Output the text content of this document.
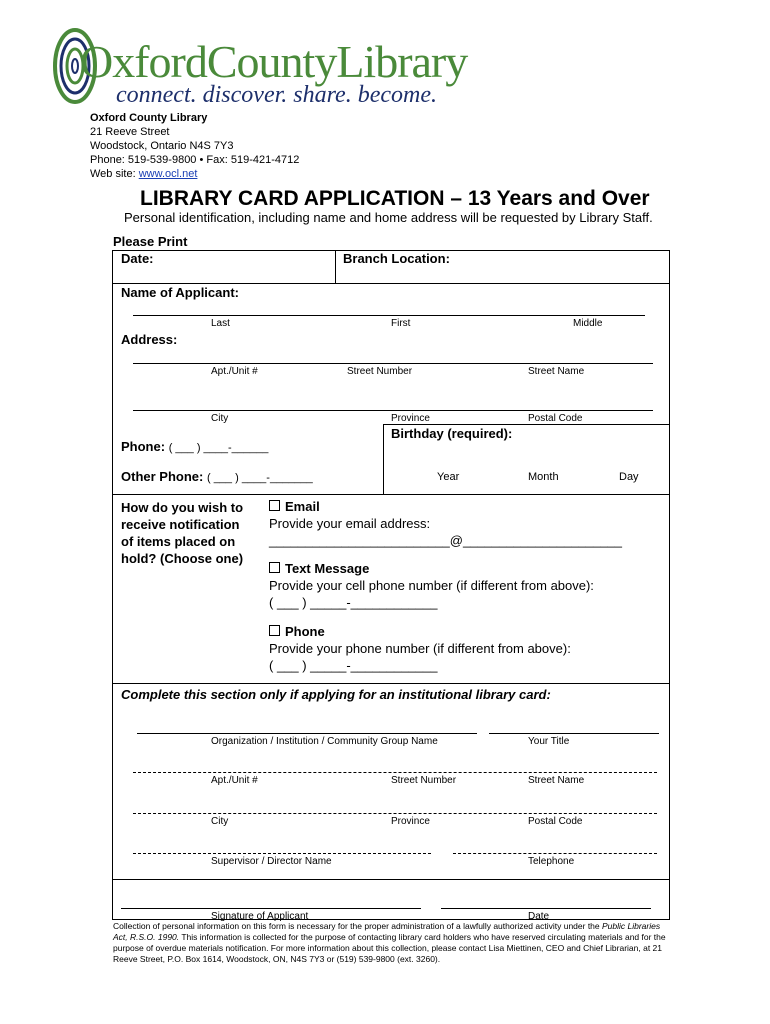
OxfordCountyLibrary
connect. discover. share. become.
Oxford County Library
21 Reeve Street
Woodstock, Ontario N4S 7Y3
Phone: 519-539-9800 • Fax: 519-421-4712
Web site: www.ocl.net
LIBRARY CARD APPLICATION – 13 Years and Over
Personal identification, including name and home address will be requested by Library Staff.
Please Print
Date:	Branch Location:
Name of Applicant:
Last	First	Middle
Address:
Apt./Unit #	Street Number	Street Name
City	Province	Postal Code
Birthday (required):
Year	Month	Day
Phone: ( ___ ) ____-______
Other Phone: ( ___ ) ____-_______
How do you wish to
receive notification
of items placed on
hold? (Choose one)
Email
Provide your email address:
_________________________@______________________
Text Message
Provide your cell phone number (if different from above):
( ___ ) _____-____________
Phone
Provide your phone number (if different from above):
( ___ ) _____-____________
Complete this section only if applying for an institutional library card:
Organization / Institution / Community Group Name	Your Title
Apt./Unit #	Street Number	Street Name
City	Province	Postal Code
Supervisor / Director Name	Telephone
Signature of Applicant	Date
Collection of personal information on this form is necessary for the proper administration of a lawfully authorized activity under the Public Libraries Act, R.S.O. 1990. This information is collected for the purpose of contacting library card holders who have reserved circulating materials and for the purpose of overdue materials notification. For more information about this collection, please contact Lisa Miettinen, CEO and Chief Librarian, at 21 Reeve Street, P.O. Box 1614, Woodstock, ON, N4S 7Y3 or (519) 539-9800 (ext. 3260).
